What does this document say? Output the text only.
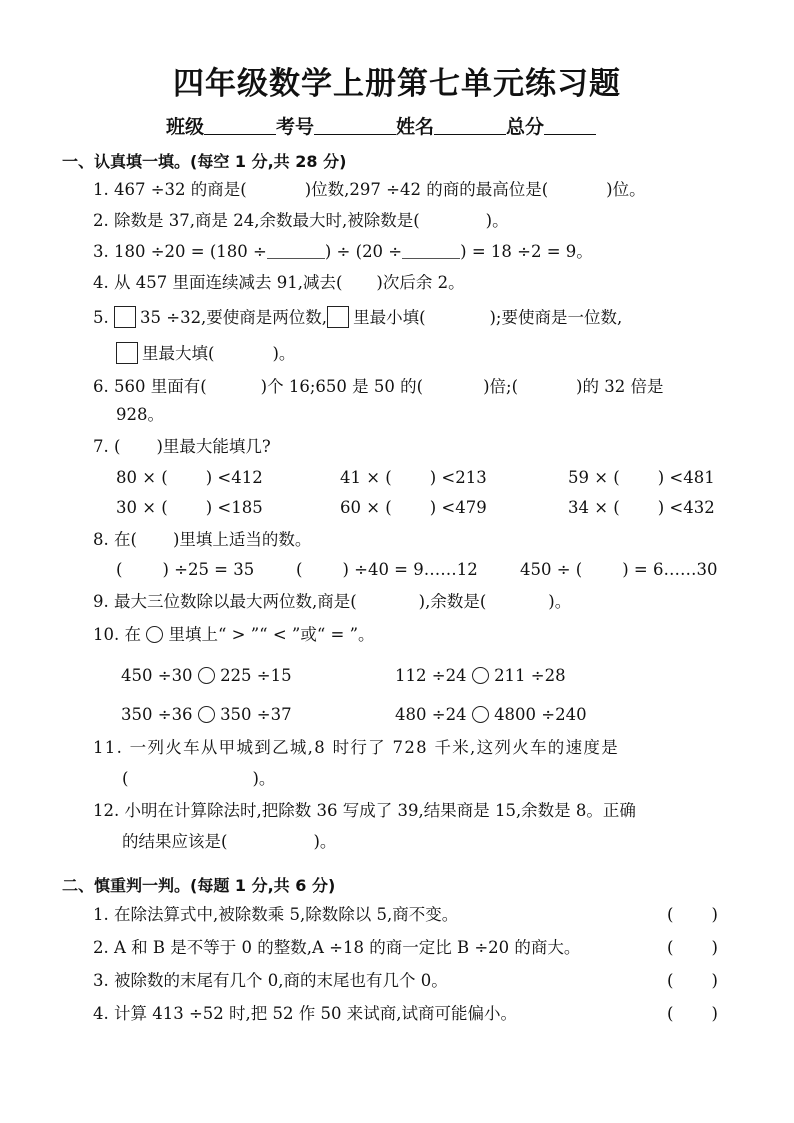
四年级数学上册第七单元练习题
班级	考号	姓名	总分
一、认真填一填。(每空 1 分,共 28 分)
1. 467 ÷32 的商是(	)位数,297 ÷42 的商的最高位是(	)位。
2. 除数是 37,商是 24,余数最大时,被除数是(	)。
3. 180 ÷20 = (180 ÷	) ÷ (20 ÷	) = 18 ÷2 = 9。
4. 从 457 里面连续减去 91,减去( )次后余 2。
5. 35 ÷32,要使商是两位数, 里最小填(	);要使商是一位数,
里最大填(	)。
6. 560 里面有(	)个 16;650 是 50 的(	)倍;(	)的 32 倍是
928。
7. ( )里最大能填几?
80 × ( ) <412	41 × ( ) <213	59 × ( ) <481
30 × ( ) <185	60 × ( ) <479	34 × ( ) <432
8. 在( )里填上适当的数。
( ) ÷25 = 35	( ) ÷40 = 9……12	450 ÷ ( ) = 6……30
9. 最大三位数除以最大两位数,商是(	),余数是(	)。
10. 在 里填上“ > ”“ < ”或“ = ”。
450 ÷30 225 ÷15	112 ÷24 211 ÷28
350 ÷36 350 ÷37	480 ÷24 4800 ÷240
11. 一列火车从甲城到乙城,8 时行了 728 千米,这列火车的速度是
(	)。
12. 小明在计算除法时,把除数 36 写成了 39,结果商是 15,余数是 8。正确
的结果应该是(	)。
二、慎重判一判。(每题 1 分,共 6 分)
1. 在除法算式中,被除数乘 5,除数除以 5,商不变。	( )
2. A 和 B 是不等于 0 的整数,A ÷18 的商一定比 B ÷20 的商大。	( )
3. 被除数的末尾有几个 0,商的末尾也有几个 0。	( )
4. 计算 413 ÷52 时,把 52 作 50 来试商,试商可能偏小。	( )
